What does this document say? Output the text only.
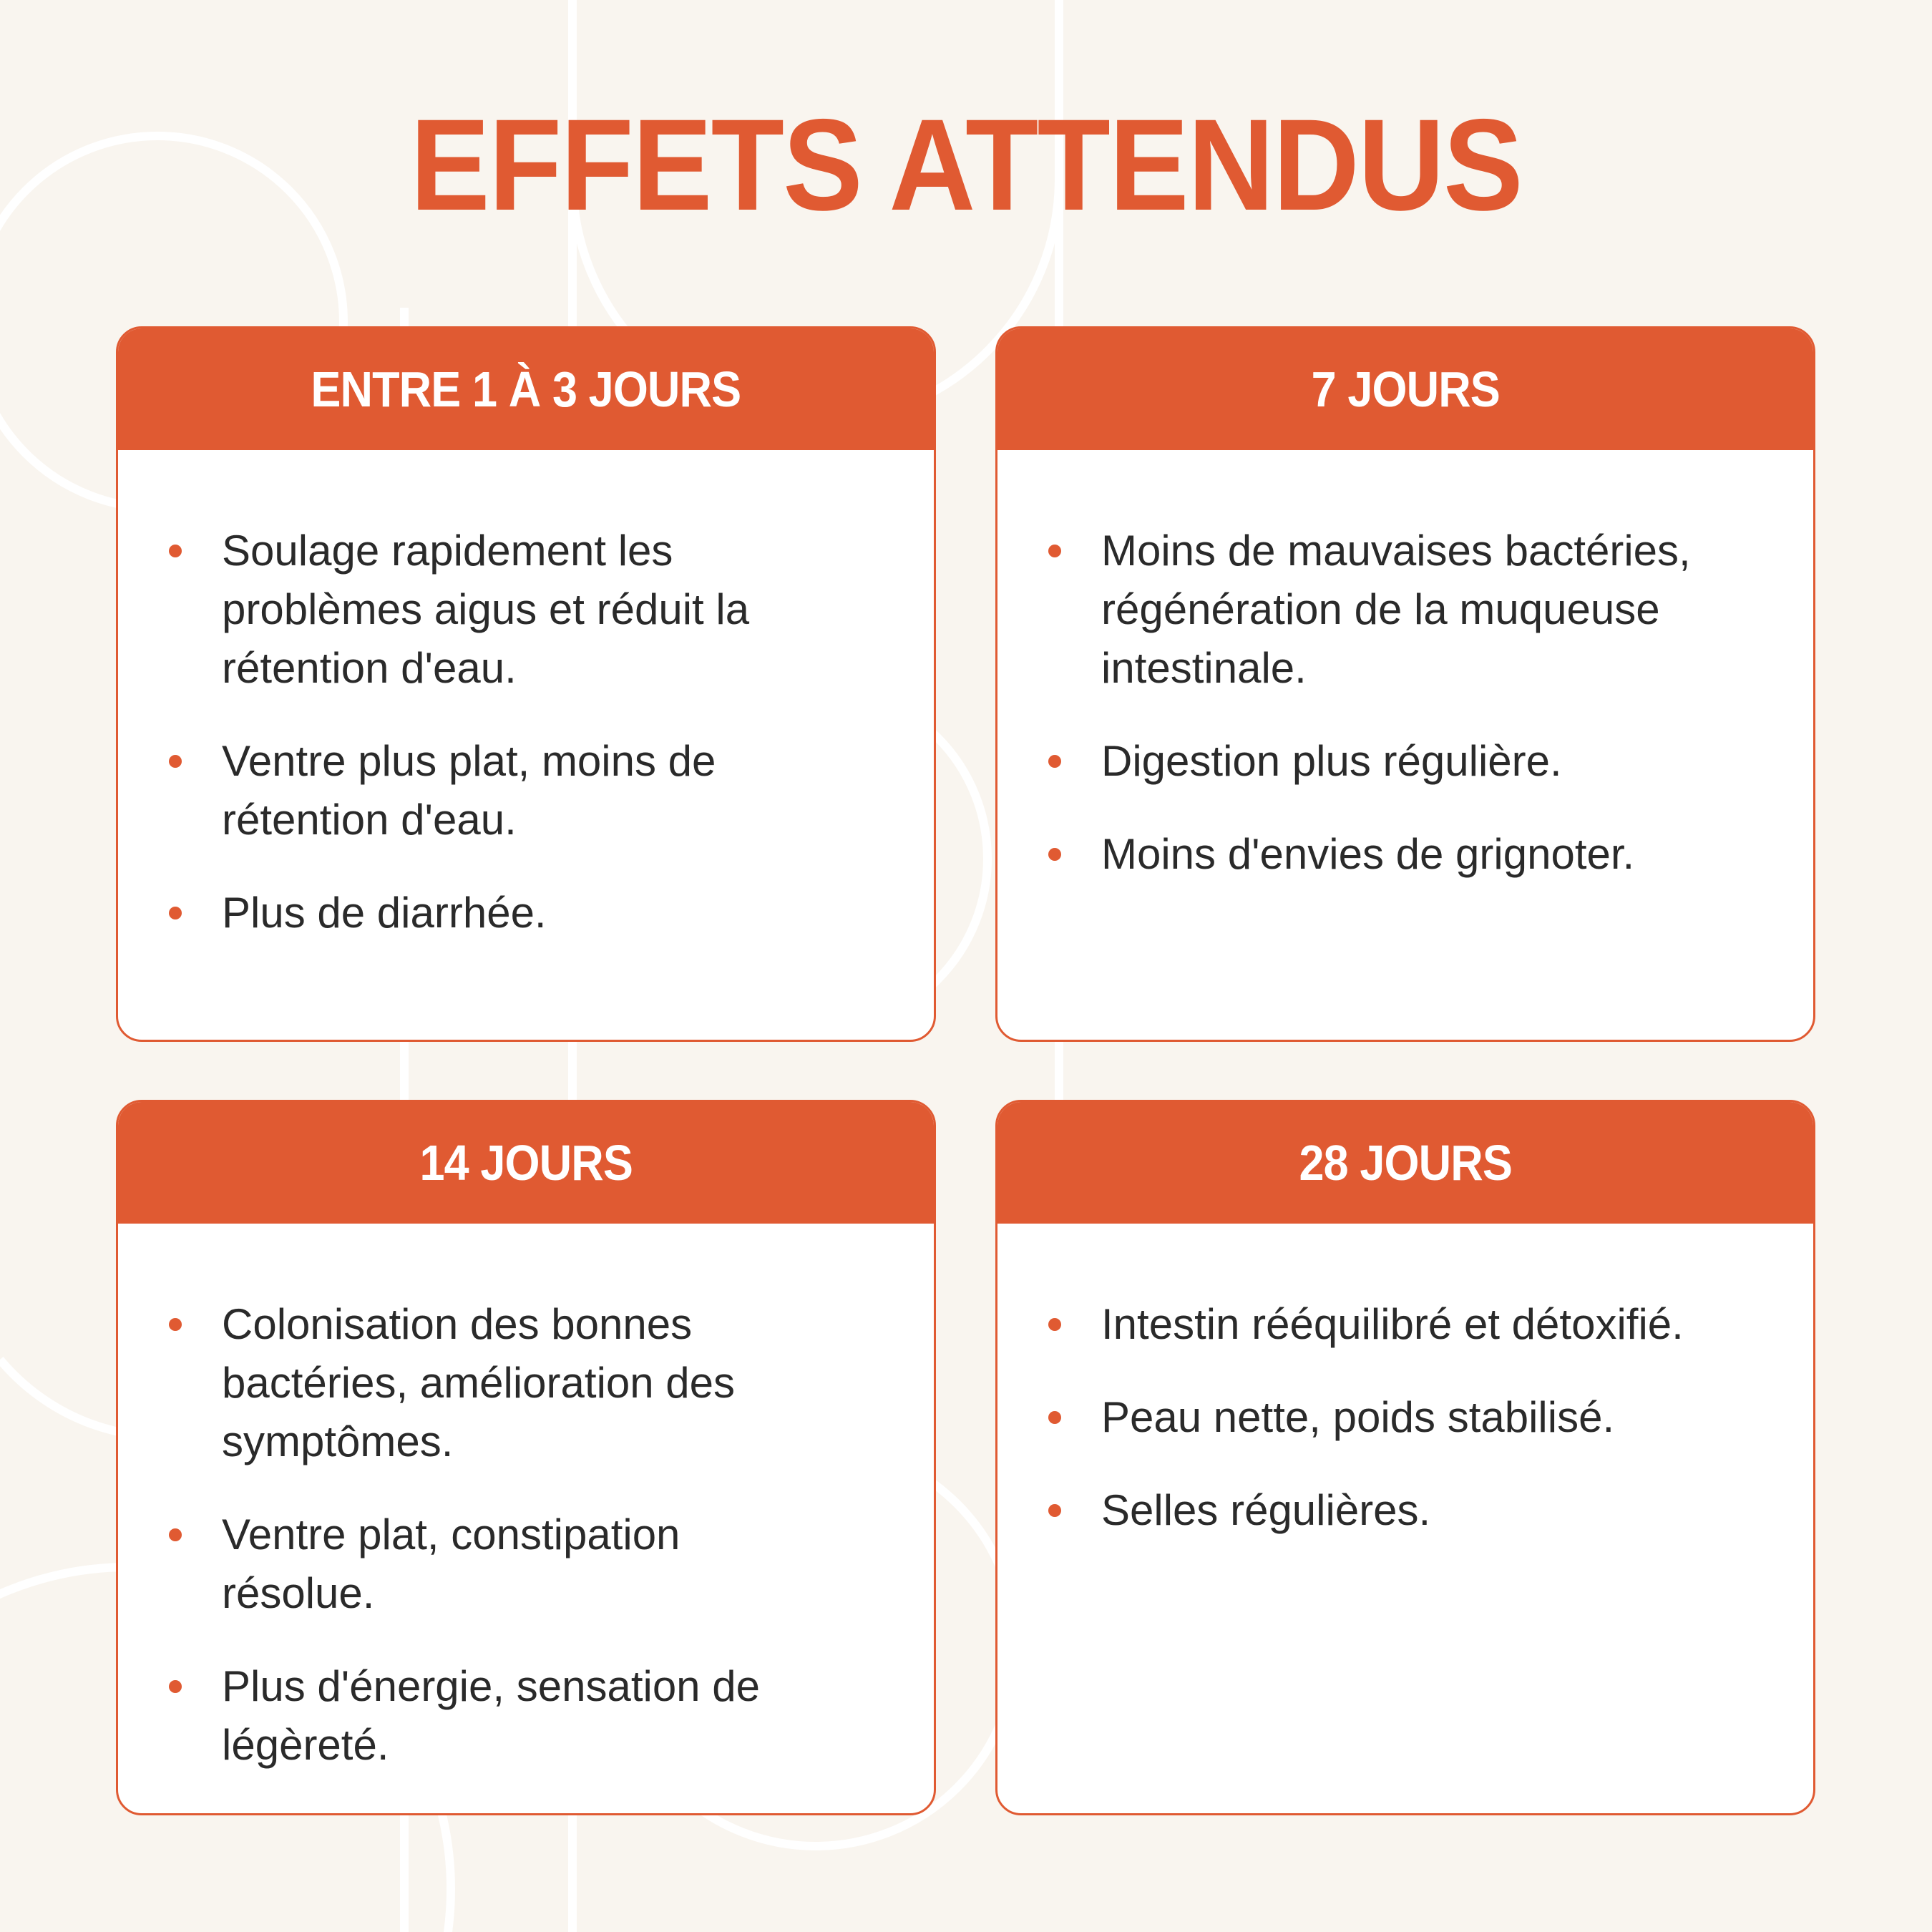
EFFETS ATTENDUS
ENTRE 1 À 3 JOURS
Soulage rapidement les problèmes aigus et réduit la rétention d'eau.
Ventre plus plat, moins de rétention d'eau.
Plus de diarrhée.
7 JOURS
Moins de mauvaises bactéries, régénération de la muqueuse intestinale.
Digestion plus régulière.
Moins d'envies de grignoter.
14 JOURS
Colonisation des bonnes bactéries, amélioration des symptômes.
Ventre plat, constipation résolue.
Plus d'énergie, sensation de légèreté.
28 JOURS
Intestin rééquilibré et détoxifié.
Peau nette, poids stabilisé.
Selles régulières.
